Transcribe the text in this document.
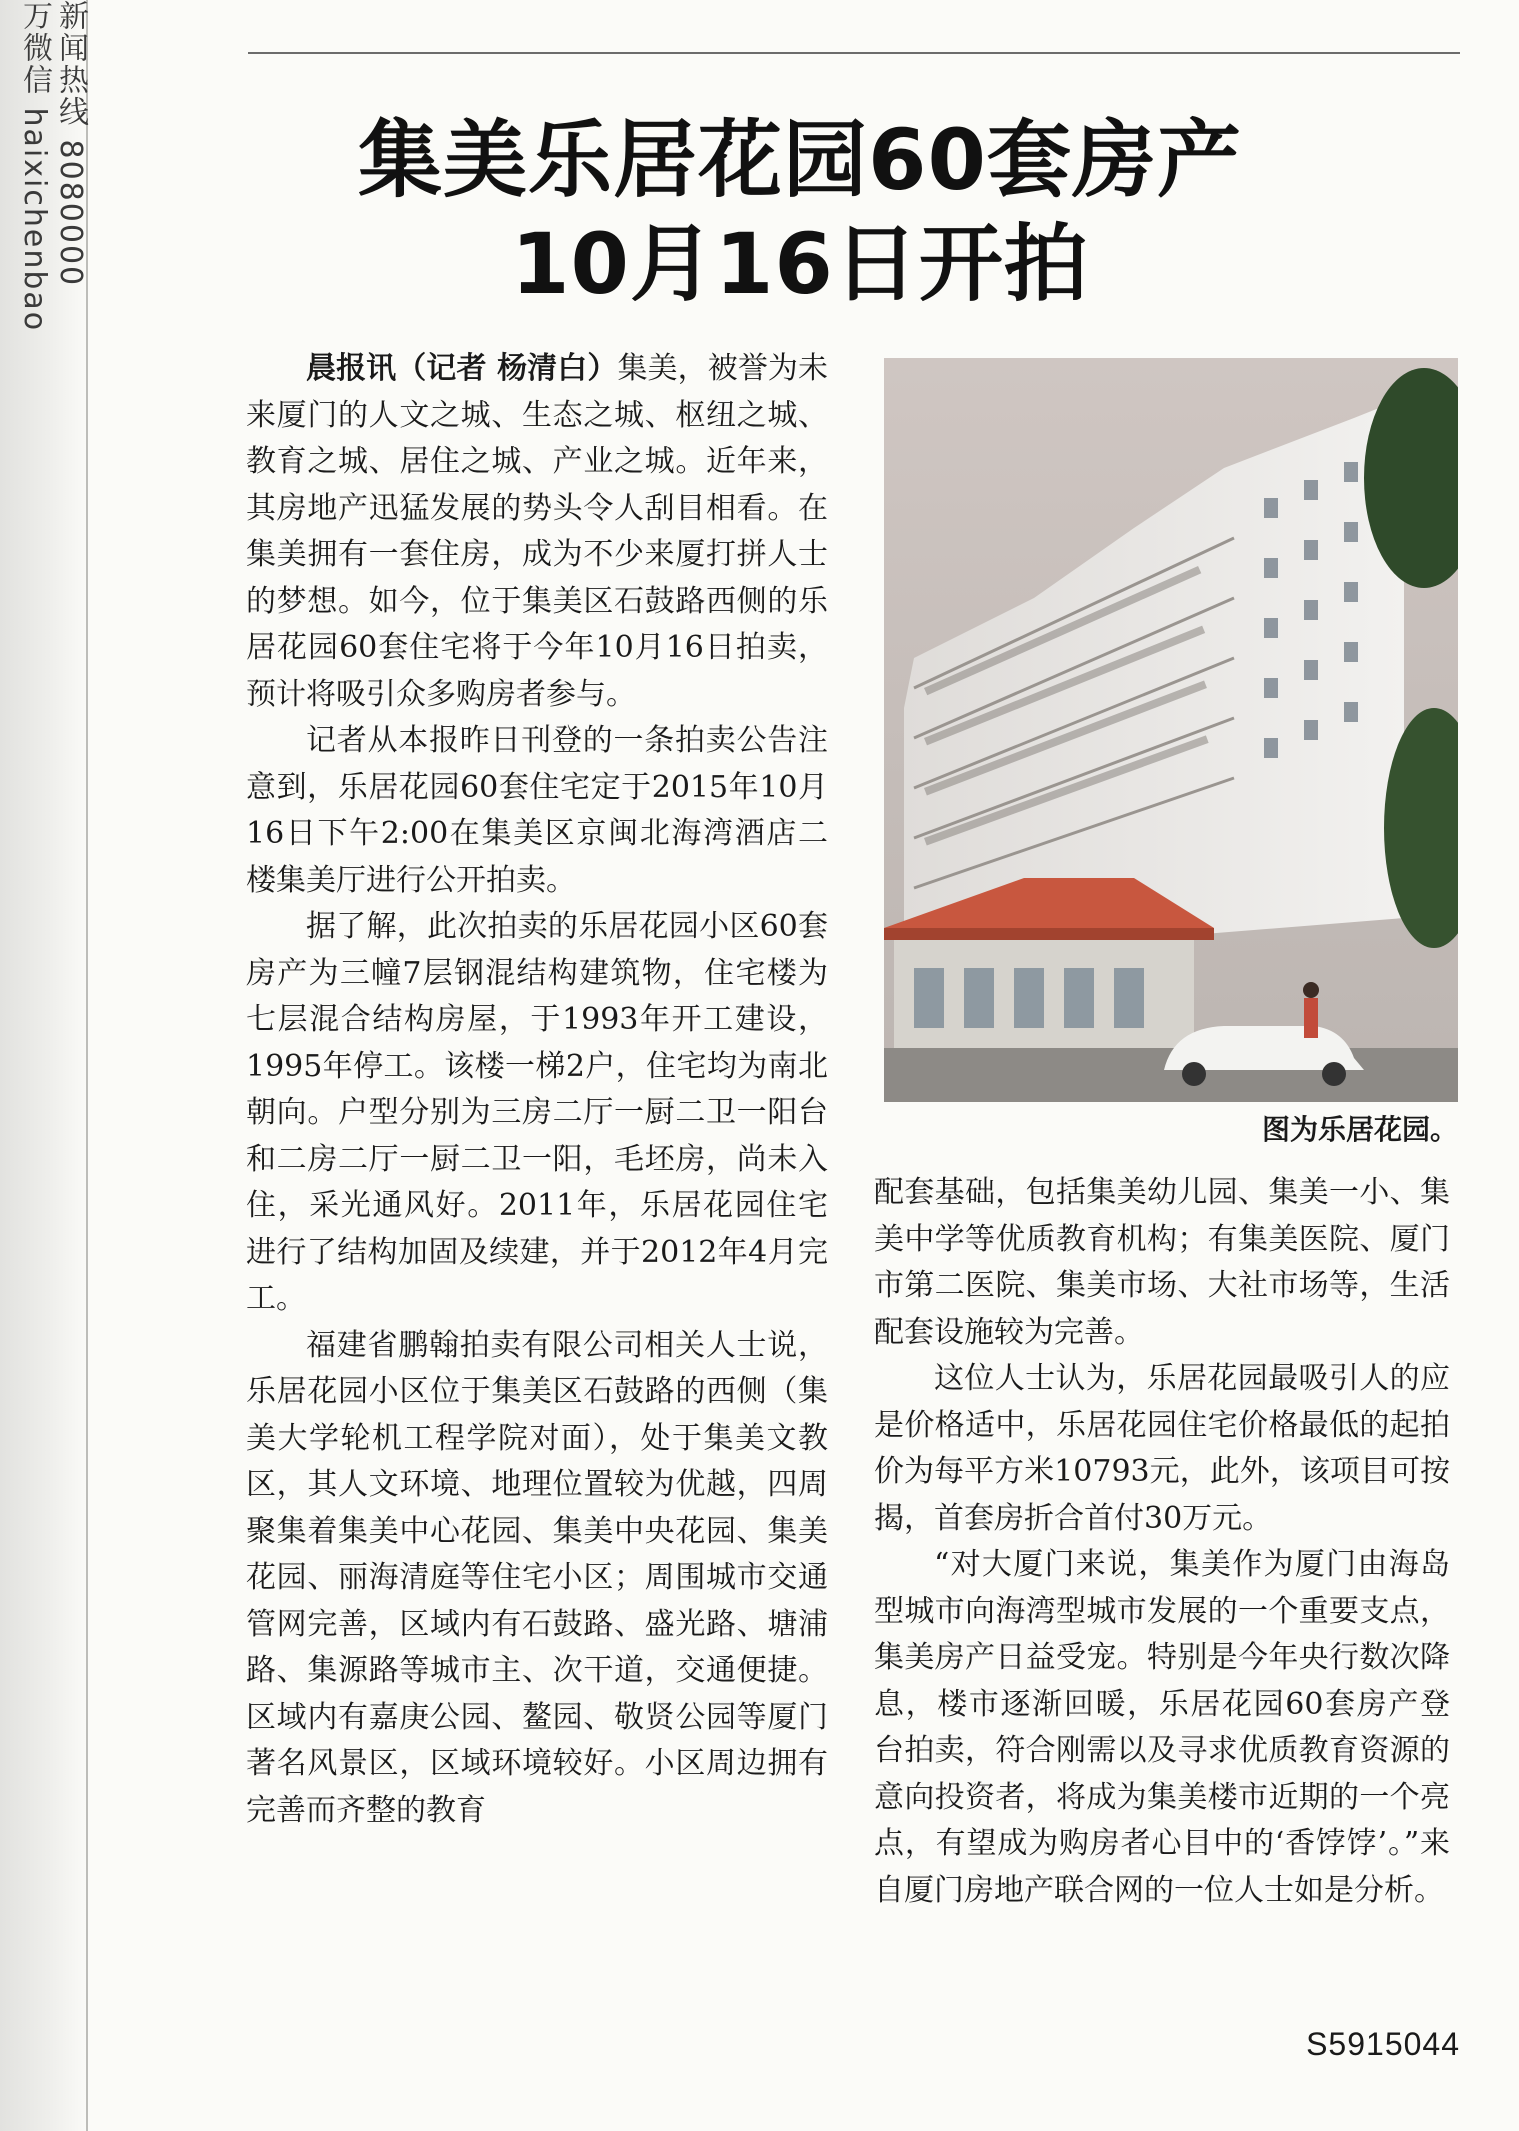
新闻热线 8080000
万微信 haixichenbao	集美乐居花园60套房产
10月16日开拍

晨报讯（记者 杨清白）集美，被誉为未来厦门的人文之城、生态之城、枢纽之城、教育之城、居住之城、产业之城。近年来，其房地产迅猛发展的势头令人刮目相看。在集美拥有一套住房，成为不少来厦打拼人士的梦想。如今，位于集美区石鼓路西侧的乐居花园60套住宅将于今年10月16日拍卖，预计将吸引众多购房者参与。

记者从本报昨日刊登的一条拍卖公告注意到，乐居花园60套住宅定于2015年10月16日下午2:00在集美区京闽北海湾酒店二楼集美厅进行公开拍卖。

据了解，此次拍卖的乐居花园小区60套房产为三幢7层钢混结构建筑物，住宅楼为七层混合结构房屋，于1993年开工建设，1995年停工。该楼一梯2户，住宅均为南北朝向。户型分别为三房二厅一厨二卫一阳台和二房二厅一厨二卫一阳，毛坯房，尚未入住，采光通风好。2011年，乐居花园住宅进行了结构加固及续建，并于2012年4月完工。

福建省鹏翰拍卖有限公司相关人士说，乐居花园小区位于集美区石鼓路的西侧（集美大学轮机工程学院对面），处于集美文教区，其人文环境、地理位置较为优越，四周聚集着集美中心花园、集美中央花园、集美花园、丽海清庭等住宅小区；周围城市交通管网完善，区域内有石鼓路、盛光路、塘浦路、集源路等城市主、次干道，交通便捷。区域内有嘉庚公园、鳌园、敬贤公园等厦门著名风景区，区域环境较好。小区周边拥有完善而齐整的教育

图为乐居花园。

配套基础，包括集美幼儿园、集美一小、集美中学等优质教育机构；有集美医院、厦门市第二医院、集美市场、大社市场等，生活配套设施较为完善。

这位人士认为，乐居花园最吸引人的应是价格适中，乐居花园住宅价格最低的起拍价为每平方米10793元，此外，该项目可按揭，首套房折合首付30万元。

“对大厦门来说，集美作为厦门由海岛型城市向海湾型城市发展的一个重要支点，集美房产日益受宠。特别是今年央行数次降息，楼市逐渐回暖，乐居花园60套房产登台拍卖，符合刚需以及寻求优质教育资源的意向投资者，将成为集美楼市近期的一个亮点，有望成为购房者心目中的‘香饽饽’。”来自厦门房地产联合网的一位人士如是分析。

S5915044
